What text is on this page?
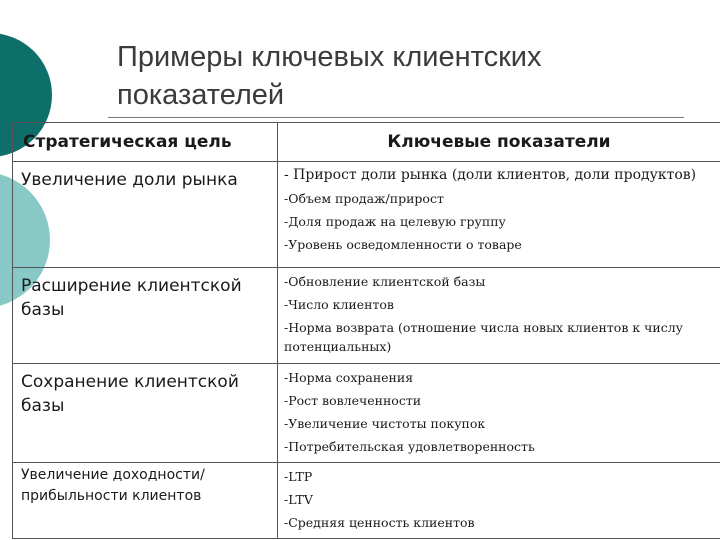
Примеры ключевых клиентских показателей
Стратегическая цель	Ключевые показатели
Увеличение доли рынка	- Прирост доли рынка (доли клиентов, доли продуктов)
-Объем продаж/прирост
-Доля продаж на целевую группу
-Уровень осведомленности о товаре

Расширение клиентской базы	-Обновление клиентской базы
-Число клиентов
-Норма возврата (отношение числа новых клиентов к числу потенциальных)

Сохранение клиентской базы	-Норма сохранения
-Рост вовлеченности
-Увеличение чистоты покупок
-Потребительская удовлетворенность

Увеличение доходности/прибыльности клиентов	-LTP
-LTV
-Средняя ценность клиентов
